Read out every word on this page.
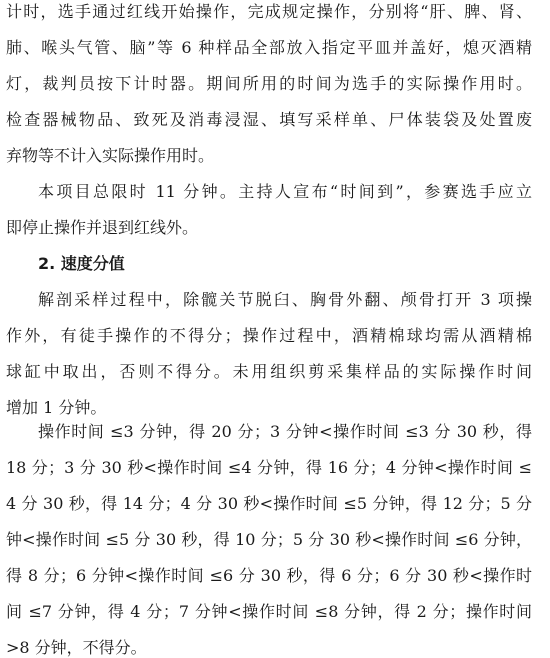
计时，选手通过红线开始操作，完成规定操作，分别将“肝、脾、肾、
肺、喉头气管、脑”等 6 种样品全部放入指定平皿并盖好，熄灭酒精
灯，裁判员按下计时器。期间所用的时间为选手的实际操作用时。
检查器械物品、致死及消毒浸湿、填写采样单、尸体装袋及处置废
弃物等不计入实际操作用时。
本项目总限时 11 分钟。主持人宣布“时间到”，参赛选手应立
即停止操作并退到红线外。
2. 速度分值
解剖采样过程中，除髋关节脱臼、胸骨外翻、颅骨打开 3 项操
作外，有徒手操作的不得分；操作过程中，酒精棉球均需从酒精棉
球缸中取出，否则不得分。未用组织剪采集样品的实际操作时间
增加 1 分钟。
操作时间 ≤3 分钟，得 20 分；3 分钟<操作时间 ≤3 分 30 秒，得
18 分；3 分 30 秒<操作时间 ≤4 分钟，得 16 分；4 分钟<操作时间 ≤
4 分 30 秒，得 14 分；4 分 30 秒<操作时间 ≤5 分钟，得 12 分；5 分
钟<操作时间 ≤5 分 30 秒，得 10 分；5 分 30 秒<操作时间 ≤6 分钟，
得 8 分；6 分钟<操作时间 ≤6 分 30 秒，得 6 分；6 分 30 秒<操作时
间 ≤7 分钟，得 4 分；7 分钟<操作时间 ≤8 分钟，得 2 分；操作时间
>8 分钟，不得分。
